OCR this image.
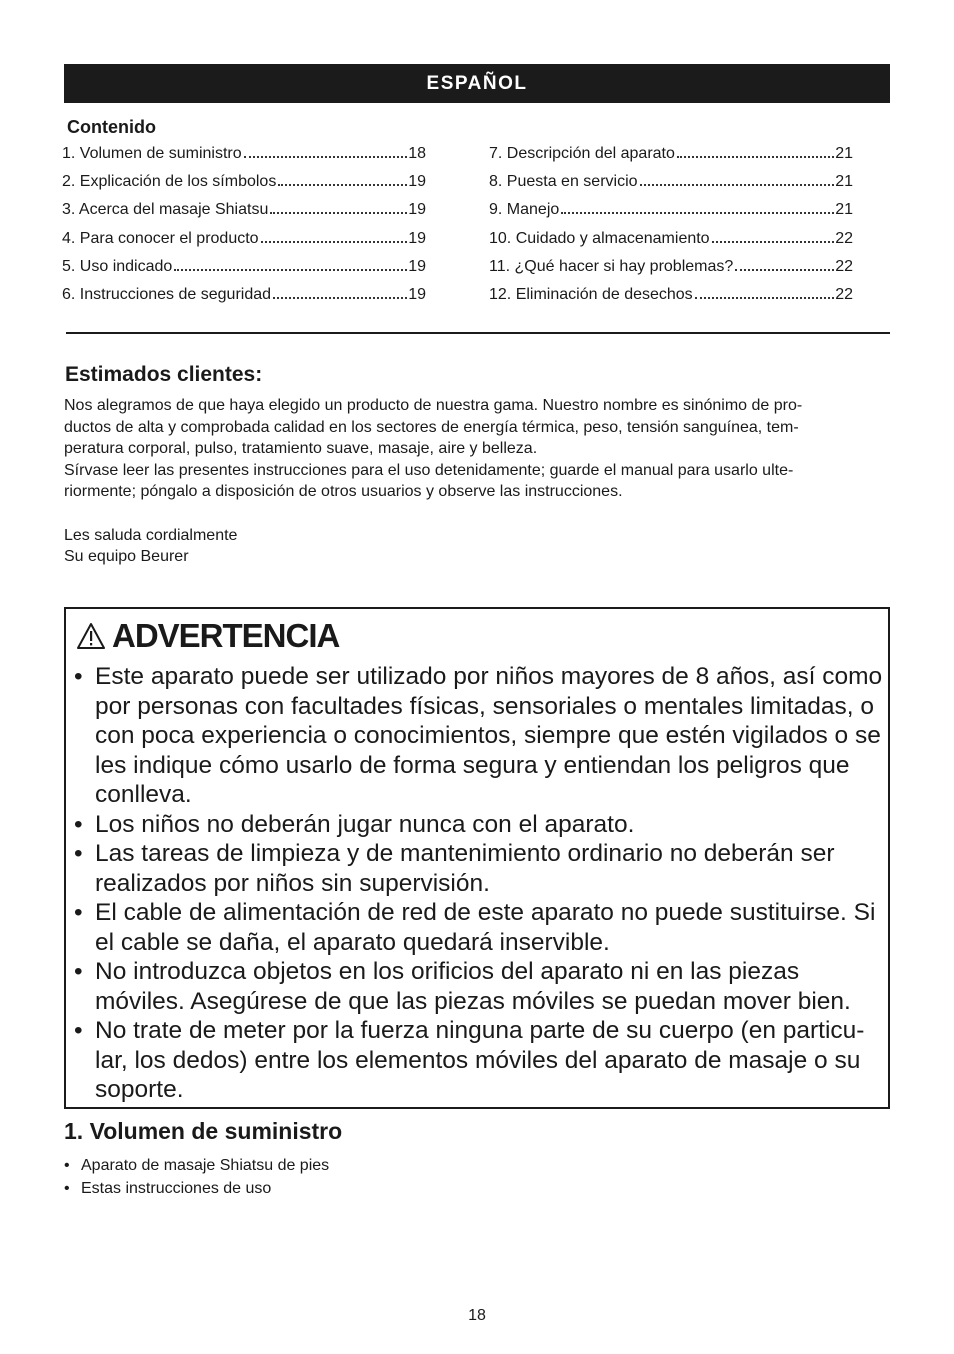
ESPAÑOL
Contenido
1. Volumen de suministro	18
2. Explicación de los símbolos	19
3. Acerca del masaje Shiatsu	19
4. Para conocer el producto	19
5. Uso indicado	19
6. Instrucciones de seguridad	19
7. Descripción del aparato	21
8. Puesta en servicio	21
9. Manejo	21
10. Cuidado y almacenamiento	22
11. ¿Qué hacer si hay problemas?	22
12. Eliminación de desechos	22
Estimados clientes:

Nos alegramos de que haya elegido un producto de nuestra gama. Nuestro nombre es sinónimo de pro-

ductos de alta y comprobada calidad en los sectores de energía térmica, peso, tensión sanguínea, tem-

peratura corporal, pulso, tratamiento suave, masaje, aire y belleza.

Sírvase leer las presentes instrucciones para el uso detenidamente; guarde el manual para usarlo ulte-

riormente; póngalo a disposición de otros usuarios y observe las instrucciones.

Les saluda cordialmente

Su equipo Beurer

ADVERTENCIA
• Este aparato puede ser utilizado por niños mayores de 8 años, así como por personas con facultades físicas, sensoriales o mentales limitadas, o con poca experiencia o conocimientos, siempre que estén vigilados o se les indique cómo usarlo de forma segura y entiendan los peligros que conlleva.
• Los niños no deberán jugar nunca con el aparato.
• Las tareas de limpieza y de mantenimiento ordinario no deberán ser realizados por niños sin supervisión.
• El cable de alimentación de red de este aparato no puede sustituirse. Si el cable se daña, el aparato quedará inservible.
• No introduzca objetos en los orificios del aparato ni en las piezas móviles. Asegúrese de que las piezas móviles se puedan mover bien.
• No trate de meter por la fuerza ninguna parte de su cuerpo (en particu- lar, los dedos) entre los elementos móviles del aparato de masaje o su soporte.
1. Volumen de suministro
• Aparato de masaje Shiatsu de pies
• Estas instrucciones de uso
18
